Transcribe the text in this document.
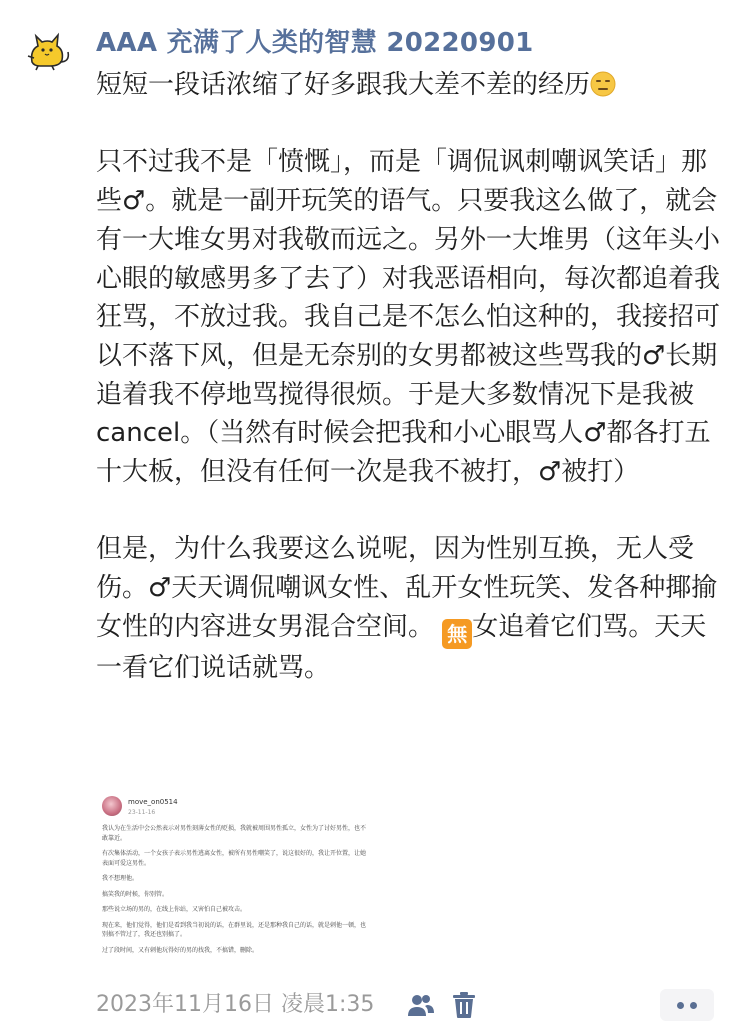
AAA 充满了人类的智慧 20220901

短短一段话浓缩了好多跟我大差不差的经历

只不过我不是「愤慨」，而是「调侃讽刺嘲讽笑话」那些♂。就是一副开玩笑的语气。只要我这么做了，就会有一大堆女男对我敬而远之。另外一大堆男（这年头小心眼的敏感男多了去了）对我恶语相向，每次都追着我狂骂，不放过我。我自己是不怎么怕这种的，我接招可以不落下风，但是无奈别的女男都被这些骂我的♂长期追着我不停地骂搅得很烦。于是大多数情况下是我被cancel。（当然有时候会把我和小心眼骂人♂都各打五十大板，但没有任何一次是我不被打，♂被打）

但是，为什么我要这么说呢，因为性别互换，无人受伤。♂天天调侃嘲讽女性、乱开女性玩笑、发各种揶揄女性的内容进女男混合空间。 無 女追着它们骂。天天一看它们说话就骂。

move_on0514
23-11-16

我认为在生活中会公然表示对男性刻薄女性的贬损，我就被周围男性孤立，女性为了讨好男性，也不敢靠近。

有次集体活动，一个女孩子表示男性逃离女性，被所有男性嘲笑了，说这很好的，我让开位置，让她表面可爱这男性。

我不想理他。

搞笑我的时候，你别管。

那些说立场的男的，在线上你站，又害怕自己被攻击。

现在来，他们觉得，他们是看到我当初说的话，在群里说，还是那种我自己的话，就是刺他一顿，也别搞不管过了，我还也别搞了。

过了段时间，又有刺他玩得好的男的找我，不搞错，删除。

2023年11月16日 凌晨1:35
